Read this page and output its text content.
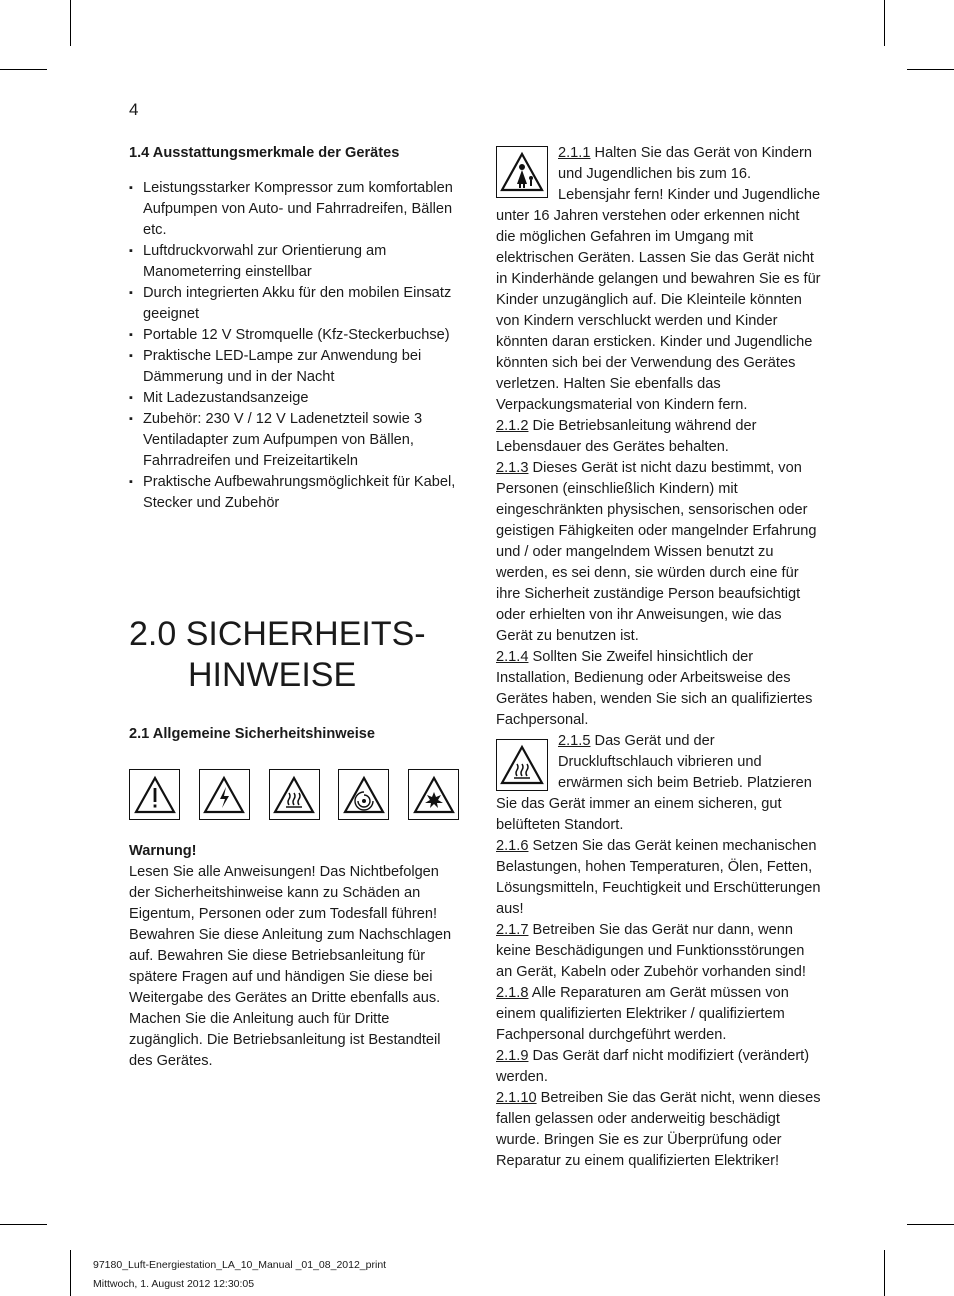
4
1.4 Ausstattungsmerkmale der Gerätes
▪ Leistungsstarker Kompressor zum komfortablen Aufpumpen von Auto- und Fahrradreifen, Bällen etc.
▪ Luftdruckvorwahl zur Orientierung am Manometerring einstellbar
▪ Durch integrierten Akku für den mobilen Einsatz geeignet
▪ Portable 12 V Stromquelle (Kfz-Steckerbuchse)
▪ Praktische LED-Lampe zur Anwendung bei Dämmerung und in der Nacht
▪ Mit Ladezustandsanzeige
▪ Zubehör: 230 V / 12 V Ladenetzteil sowie 3 Ventiladapter zum Aufpumpen von Bällen, Fahrradreifen und Freizeitartikeln
▪ Praktische Aufbewahrungsmöglichkeit für Kabel, Stecker und Zubehör
2.0 SICHERHEITS-
HINWEISE
2.1 Allgemeine Sicherheitshinweise
Warnung!

Lesen Sie alle Anweisungen! Das Nichtbefolgen der Sicherheitshinweise kann zu Schäden an Eigentum, Personen oder zum Todesfall führen! Bewahren Sie diese Anleitung zum Nachschlagen auf. Bewahren Sie diese Betriebsanleitung für spätere Fragen auf und händigen Sie diese bei Weitergabe des Gerätes an Dritte ebenfalls aus. Machen Sie die Anleitung auch für Dritte zugänglich. Die Betriebsanleitung ist Bestandteil des Gerätes.

2.1.1 Halten Sie das Gerät von Kindern und Jugendlichen bis zum 16. Lebensjahr fern! Kinder und Jugendliche unter 16 Jahren verstehen oder erkennen nicht die möglichen Gefahren im Umgang mit elektrischen Geräten. Lassen Sie das Gerät nicht in Kinderhände gelangen und bewahren Sie es für Kinder unzugänglich auf. Die Kleinteile könnten von Kindern verschluckt werden und Kinder könnten daran ersticken. Kinder und Jugendliche könnten sich bei der Verwendung des Gerätes verletzen. Halten Sie ebenfalls das Verpackungsmaterial von Kindern fern.

2.1.2 Die Betriebsanleitung während der Lebensdauer des Gerätes behalten.

2.1.3 Dieses Gerät ist nicht dazu bestimmt, von Personen (einschließlich Kindern) mit eingeschränkten physischen, sensorischen oder geistigen Fähigkeiten oder mangelnder Erfahrung und / oder mangelndem Wissen benutzt zu werden, es sei denn, sie würden durch eine für ihre Sicherheit zuständige Person beaufsichtigt oder erhielten von ihr Anweisungen, wie das Gerät zu benutzen ist.

2.1.4 Sollten Sie Zweifel hinsichtlich der Installation, Bedienung oder Arbeitsweise des Gerätes haben, wenden Sie sich an qualifiziertes Fachpersonal.

2.1.5 Das Gerät und der Druckluftschlauch vibrieren und erwärmen sich beim Betrieb. Platzieren Sie das Gerät immer an einem sicheren, gut belüfteten Standort.

2.1.6 Setzen Sie das Gerät keinen mechanischen Belastungen, hohen Temperaturen, Ölen, Fetten, Lösungsmitteln, Feuchtigkeit und Erschütterungen aus!

2.1.7 Betreiben Sie das Gerät nur dann, wenn keine Beschädigungen und Funktionsstörungen an Gerät, Kabeln oder Zubehör vorhanden sind!

2.1.8 Alle Reparaturen am Gerät müssen von einem qualifizierten Elektriker / qualifiziertem Fachpersonal durchgeführt werden.

2.1.9 Das Gerät darf nicht modifiziert (verändert) werden.

2.1.10 Betreiben Sie das Gerät nicht, wenn dieses fallen gelassen oder anderweitig beschädigt wurde. Bringen Sie es zur Überprüfung oder Reparatur zu einem qualifizierten Elektriker!

97180_Luft-Energiestation_LA_10_Manual _01_08_2012_print
Mittwoch, 1. August 2012 12:30:05
